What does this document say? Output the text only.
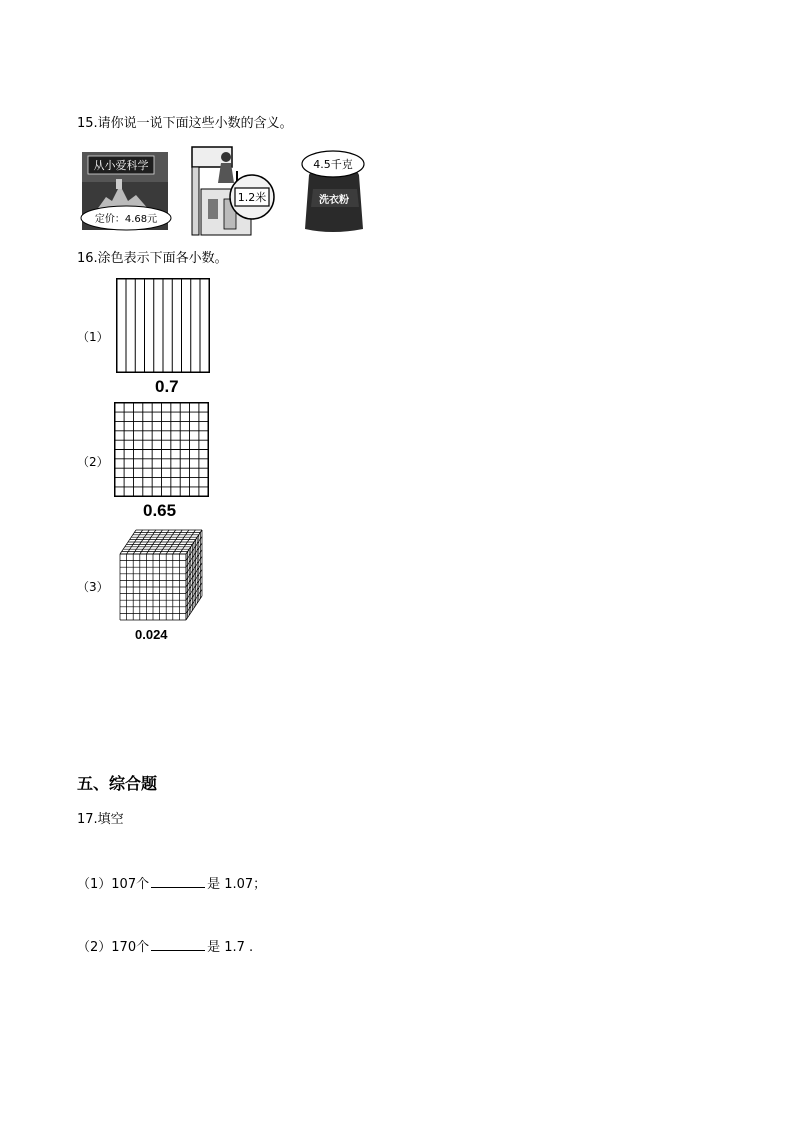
15.请你说一说下面这些小数的含义。
从小爱科学
定价：4.68元
1.2米	洗衣粉
4.5千克
16.涂色表示下面各小数。
（1）
0.7
（2）
0.65
（3）
0.024
五、综合题
17.填空
（1）107个	是 1.07；
（2）170个	是 1.7 .
